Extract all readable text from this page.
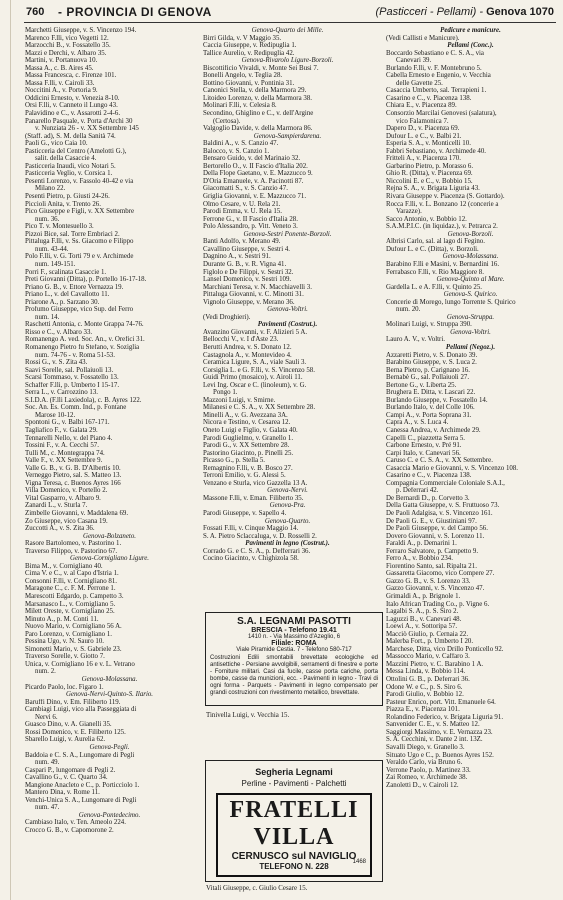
760 - PROVINCIA DI GENOVA	(Pasticceri - Pellami) - Genova 1070
Marchetti Giuseppe, v. S. Vincenzo 194.
Marenco F.lli, vico Vegetti 12.
Marzocchi B., v. Fossatello 35.
Mazzi e Derchi, v. Albaro 35.
Martini, v. Portanuova 10.
Massa A., c. B. Aires 45.
Massa Francesca, c. Firenze 101.
Massa F.lli, v. Cairoli 33.
Noccitini A., v. Portoria 9.
Oddicini Ernesto, v. Venezia 8-10.
Orsi F.lli, v. Canneto il Lungo 43.
Palavidino e C., v. Assarotti 2-4-6.
Panarello Pasquale, v. Porta d'Archi 30
v. Nunziata 26 - v. XX Settembre 145
(Staff. ad), S. M. della Sanità 74.
Paoli G., vico Caia 10.
Pasticceria del Centro (Amelotti G.),
salit. della Casaccie 4.
Pasticceria Inaudi, vico Notari 5.
Pasticceria Veglio, v. Corsica 1.
Pesenti Lorenzo, v. Fassolo 40-42 e via
Milano 22.
Pesenti Pietro, p. Giusti 24-26.
Piccioli Anita, v. Trento 26.
Pico Giuseppe e Figli, v. XX Settembre
num. 36.
Pico T. v. Montesuello 3.
Pizzoi Bice, sal. Torre Embriaci 2.
Pittaluga F.lli, v. Ss. Giacomo e Filippo
num. 43-44.
Polo F.lli, v. G. Torti 79 e v. Archimede
num. 149-151.
Porri F., scalinata Casaccie 1.
Preti Giovanni (Ditta), p. Portello 16-17-18.
Priano G. B., v. Ettore Vernazza 19.
Priano L., v. del Cavallotto 11.
Priarone A., p. Sarzano 30.
Profumo Giuseppe, vico Sup. del Ferro
num. 14.
Raschetti Antonia, c. Monte Grappa 74-76.
Risso e C., v. Albaro 33.
Romanengo A. ved. Soc. An., v. Orefici 31.
Romanengo Pietro fu Stefano, v. Soziglia
num. 74-76 - v. Roma 51-53.
Rossi G., v. S. Zita 43.
Saavi Sorelle, sal. Pollaiuoli 13.
Scarsi Tommaso, v. Fossatello 13.
Schaffer F.lli, p. Umberto I 15-17.
Serra L., v. Carrozzino 13.
S.I.D.A. (F.lli Laxiedola), c. B. Ayres 122.
Soc. An. Es. Comm. Ind., p. Fontane
Marose 10-12.
Spontoni G., v. Balbi 167-171.
Tagliafico F., v. Galata 29.
Tennarelli Nello, v. del Piano 4.
Tossini F., v. A. Cecchi 57.
Tulli M., c. Montegrappa 74.
Valle F., v. XX Settembre 9.
Valle G. B., v. G. B. D'Albertis 10.
Verneggo Pietro, sal. S. Matteo 13.
Vigna Teresa, c. Buenos Ayres 166
Villa Domenico, v. Portello 2.
Vital Gasparro, v. Albaro 9.
Zanardi L., v. Sturla 7.
Zimbelle Giovanni, v. Maddalena 69.
Zo Giuseppe, vico Casana 19.
Zuccotti A., v. S. Zita 36.
Genova-Bolzaneto.
Rasore Bartolomeo, v. Pastorino 1.
Traverso Filippo, v. Pastorino 67.
Genova-Cornigliano Ligure.
Bima M., v. Cornigliano 40.
Cima V. e C., v. al Capo d'Istria 1.
Consonni F.lli, v. Cornigliano 81.
Maragone C., c. F. M. Perrone 1.
Marescotti Edgardo, p. Campetto 3.
Marsanasco L., v. Cornigliano 5.
Milett Oreste, v. Cornigliano 25.
Minuto A., p. M. Conti 11.
Nuovo Mario, v. Cornigliano 56 A.
Paro Lorenzo, v. Cornigliano 1.
Pessina Ugo, v. N. Sauro 10.
Simonetti Mario, v. S. Gabriele 23.
Traverso Sorelle, v. Giotto 7.
Unica, v. Cornigliano 16 e v. L. Vetrano
num. 2.
Genova-Molassana.
Picardo Paolo, loc. Figaro 1.
Genova-Nervi-Quinto-S. Ilario.
Baruffi Dino, v. Em. Filiberto 119.
Cambiagi Luigi, vico alla Passeggiata di
Nervi 6.
Guasco Dino, v. A. Gianelli 35.
Rossi Domenico, v. E. Filiberto 125.
Sbarello Luigi, v. Aurelia 62.
Genova-Pegli.
Baddoia e C. S. A., Lungomare di Pegli
num. 49.
Caspari P., lungomare di Pegli 2.
Cavallino G., v. C. Quarto 34.
Mangione Anacleto e C., p. Porticciolo 1.
Mantero Dina, v. Rome 11.
Venchi-Unica S. A., Lungomare di Pegli
num. 47.
Genova-Pontedecimo.
Cambiaso Italo, v. Ten. Ameolo 224.
Crocco G. B., v. Capomorone 2.
Genova-Quarto dei Mille.
Birri Gilda, v. V Maggio 35.
Caccia Giuseppe, v. Redipuglia 1.
Tallice Aurelio, v. Redipuglia 42.
Genova-Rivarolo Ligure-Borzoli.
Biscottificio Vivaldi, v. Monte Sei Busi 7.
Bonelli Angelo, v. Teglia 28.
Bottino Giovanni, v. Pontinia 31.
Canonici Stella, v. della Marmora 29.
Litoideo Lorenzo, v. della Marmora 38.
Molinari F.lli, v. Celesia 8.
Secondino, Ghiglino e C., v. dell'Argine
(Certosa).
Valgoglio Davide, v. della Marmora 86.
Genova-Sampierdarena.
Baldini A., v. S. Canzio 47.
Balocco, v. S. Canzio 1.
Bensaro Guido, v. del Marinaio 32.
Bertorello O., v. II Fascio d'Italia 202.
Della Flope Gaetano, v. E. Mazzucco 9.
D'Oria Emanuele, v. A. Pacinotti 87.
Giacomatti S., v. S. Canzio 47.
Griglia Giovanni, v. E. Mazzucco 71.
Olmo Cesare, v. U. Rela 21.
Parodi Emma, v. U. Rela 15.
Ferrone G., v. II Fascio d'Italia 28.
Polo Alessandro, p. Vitt. Veneto 3.
Genova-Sestri Ponente-Borzoli.
Banti Adolfo, v. Merano 49.
Cavallino Giuseppe, v. Sestri 4.
Dagnino A., v. Sestri 91.
Durante G. B., v. R. Vigna 41.
Figlolo e De Filippi, v. Sestri 32.
Lansel Domenico, v. Sestri 109.
Marchiani Teresa, v. N. Macchiavelli 3.
Pittaluga Giovanni, v. C. Minotti 31.
Vignolo Giuseppe, v. Merano 36.
Genova-Voltri.
(Vedi Droghieri).
Pavimenti (Costrut.).
Avanzino Giovanni, v. F. Alizieri 5 A.
Bellocchi V., v. I d'Aste 23.
Berutti Andrea, v. S. Donato 12.
Castagnola A., v. Montevideo 4.
Ceramica Ligure, S. A., viale Sauli 3.
Corsiglia L. e G. F.lli, v. S. Vincenzo 58.
Guidi Primo (mosaico), v. Airoli 11.
Levi Ing. Oscar e C. (linoleum), v. G.
Pongo 1.
Mazzoni Luigi, v. Smirne.
Milanesi e C. S. A., v. XX Settembre 28.
Minelli A., v. G. Avezzana 3A.
Nicora e Testino, v. Cesarea 12.
Oneto Luigi e Figlio, v. Galata 40.
Parodi Guglielmo, v. Granello 1.
Parodi G., v. XX Settembre 28.
Pastorino Giacinto, p. Pinelli 25.
Picasso G., p. Stella 5.
Remagnino F.lli, v. B. Bosco 27.
Terroni Emilio, v. G. Alessi 5.
Venzano e Sturla, vico Gazzella 13 A.
Genova-Nervi.
Massone F.lli, v. Eman. Filiberto 35.
Genova-Pra.
Parodi Giuseppe, v. Sapello 4.
Genova-Quarto.
Fossati F.lli, v. Cinque Maggio 14.
S. A. Pietro Sclaccaluga, v. D. Rosselli 2.
Pavimenti in legno (Costrut.).
Corrado G. e C. S. A., p. Defferrari 36.
Cocino Giacinto, v. Chighizola 58.
Pedicure e manicure.
(Vedi Callisti e Manicure).
Pellami (Conc.).
Boccardo Sebastiano e C. S. A., via
Canevari 39.
Burlando F.lli, v. F. Montebruno 5.
Cabella Ernesto e Eugenio, v. Vecchia
delle Gavette 25.
Casaccia Umberto, sal. Terrapieni 1.
Casarino e C., v. Piacenza 138.
Chiara E., v. Piacenza 89.
Consorzio Marcilai Genovesi (salatura),
vico Falamonica 7.
Dapero D., v. Piacenza 69.
Dufour L. e C., v. Balbi 21.
Esperia S. A., v. Monticelli 10.
Fabbri Sebastiano, v. Archimede 40.
Fritteli A., v. Piacenza 170.
Garbarino Pietro, p. Morasso 6.
Ghio R. (Ditta), v. Piacenza 69.
Niccolini E. e C., v. Bobbio 15.
Rejna S. A., v. Brigata Liguria 43.
Rivara Giuseppe v. Piacenza (S. Gottardo).
Rocca F.lli, v. L. Bonzano 12 (concerie a
Varazze).
Sacco Antonio, v. Bobbio 12.
S.A.M.P.I.C. (in liquidaz.), v. Petrarca 2.
Genova-Borzoli.
Albrisi Carlo, sal. al lago di Fegino.
Dufour L. e C. (Ditta), v. Borzoli.
Genova-Molassana.
Barabino F.lli e Masini, v. Bernardini 16.
Ferrabasco F.lli, v. Rio Maggiore 8.
Genova-Quinto al Mare.
Gardella L. e A. F.lli, v. Quinto 25.
Genova-S. Quirico.
Concerie di Morego, lungo Torrente S. Quirico
num. 20.
Genova-Struppa.
Molinari Luigi, v. Struppa 390.
Genova-Voltri.
Lauro A. V., v. Voltri.
Pellami (Negoz.).
Azzaretti Pietro, v. S. Donato 39.
Barabino Giuseppe, v. S. Luca 2.
Berna Pietro, p. Carignano 16.
Bernabè G., sal. Pollaiuoli 27.
Bertone G., v. Liberta 25.
Brughera E. Ditta, v. Lascari 22.
Burlando Giuseppe, v. Fossatello 14.
Burlando Italo, v. del Colle 106.
Campi A., v. Porta Soprana 31.
Capra A., v. S. Luca 4.
Canessa Andrea, v. Archimede 29.
Capelli C., piazzetta Serra 5.
Carbone Ernesto, v. Pré 91.
Carpi Italo, v. Canevari 56.
Caruso C. e C. S. A., v. XX Settembre.
Casaccia Mario e Giovanni, v. S. Vincenzo 108.
Casarino e C., v. Piacenza 138.
Compagnia Commerciale Coloniale S.A.I.,
p. Deferrari 42.
De Bernardi D., p. Corvetto 3.
Della Gatta Giuseppe, v. S. Fruttuoso 73.
De Paoli Adalgisa, v. S. Vincenzo 161.
De Paoli G. E., v. Giustiniani 97.
De Paoli Giuseppe, v. del Campo 56.
Dovero Giovanni, v. S. Lorenzo 11.
Faraldi A., p. Demarini 1.
Ferraro Salvatore, p. Campetto 9.
Ferro A., v. Bobbio 234.
Fiorentino Santo, sal. Ripalta 21.
Gassaretta Giacomo, vico Compere 27.
Gazzo G. B., v. S. Lorenzo 33.
Gazzo Giovanni, v. S. Vincenzo 47.
Grimaldi A., p. Brignole 1.
Italo African Trading Co., p. Vigne 6.
Lagalbi S. A., p. S. Siro 2.
Laguzzi B., v. Canevari 48.
Loewi A., v. Sottoripa 57.
Macciò Giulio, p. Cernaia 22.
Malerba Fort., p. Umberto I 20.
Marchese, Ditta, vico Drillo Ponticello 92.
Massocco Mario, v. Caffaro 3.
Mazzini Pietro, v. C. Barabino 1 A.
Messa Linda, v. Bobbio 114.
Ottolini G. B., p. Deferrari 36.
Odone W. e C., p. S. Siro 6.
Parodi Giulio, v. Bobbio 12.
Pasteur Enrico, port. Vitt. Emanuele 64.
Piazza E., v. Piacenza 101.
Rolandino Federico, v. Brigata Liguria 91.
Sanvenider C. E., v. S. Matteo 12.
Saggiorgi Massimo, v. E. Vernazza 23.
S. A. Cecchini, v. Dante 2 int. 13Z.
Savalli Diego, v. Granello 3.
Situato Ugo e C., p. Buenos Ayres 152.
Veraldo Carlo, via Bruno 6.
Verrone Paolo, p. Martinez 33.
Zai Romeo, v. Archimede 38.
Zanoletti D., v. Cairoli 12.
S.A. LEGNAMI PASOTTI
BRESCIA - Telefono 19.41
1410 n. - Via Massimo d'Azeglio, 6
Filiale: ROMA
Viale Piramide Cestia. 7 - Telefono 580-717
Costruzioni Edili smontabili brevettate ecologiche ed antisettiche - Persiane avvolgibili, serramenti di finestre e porte - Forniture militari. Casi da fucile, casse porta cariche, porta bombe, casse da munizioni, ecc. - Pavimenti in legno - Travi di ogni forma - Parquets - Pavimenti in legno compensato per grandi costruzioni con rivestimento metallico, brevettate.
Tinivella Luigi, v. Vecchia 15.
Segheria Legnami
Perline - Pavimenti - Palchetti
FRATELLI VILLA
CERNUSCO sul NAVIGLIO
TELEFONO N. 228	1468
Vitali Giuseppe, c. Giulio Cesare 15.
